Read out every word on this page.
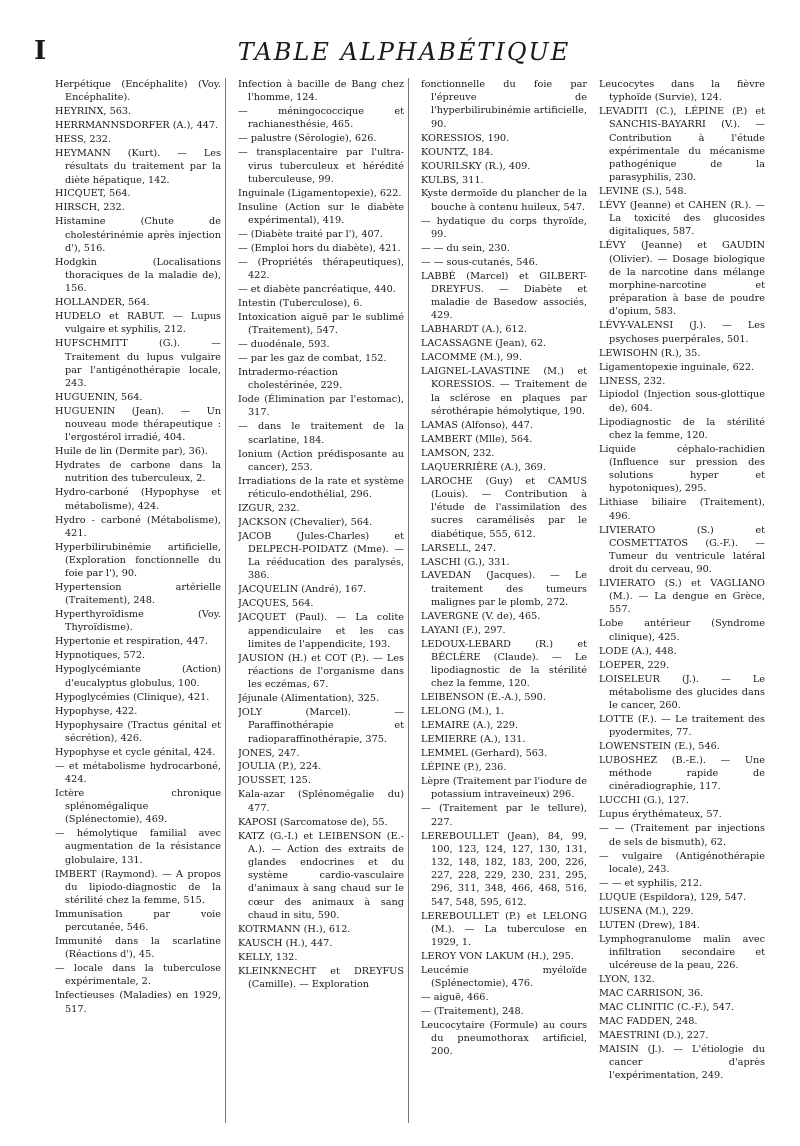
I	TABLE ALPHABÉTIQUE
Herpétique (Encéphalite) (Voy. Encéphalite).
HEYRINX, 563.
HERRMANNSDORFER (A.), 447.
HESS, 232.
HEYMANN (Kurt). — Les résultats du traitement par la diète hépatique, 142.
HICQUET, 564.
HIRSCH, 232.
Histamine (Chute de cholestérinémie après injection d'), 516.
Hodgkin (Localisations thoraciques de la maladie de), 156.
HOLLANDER, 564.
HUDELO et RABUT. — Lupus vulgaire et syphilis, 212.
HUFSCHMITT (G.). — Traitement du lupus vulgaire par l'antigénothérapie locale, 243.
HUGUENIN, 564.
HUGUENIN (Jean). — Un nouveau mode thérapeutique : l'ergostérol irradié, 404.
Huile de lin (Dermite par), 36).
Hydrates de carbone dans la nutrition des tuberculeux, 2.
Hydro-carboné (Hypophyse et métabolisme), 424.
Hydro - carboné (Métabolisme), 421.
Hyperbilirubinémie artificielle, (Exploration fonctionnelle du foie par l'), 90.
Hypertension artérielle (Traitement), 248.
Hyperthyroïdisme (Voy. Thyroïdisme).
Hypertonie et respiration, 447.
Hypnotiques, 572.
Hypoglycémiante (Action) d'eucalyptus globulus, 100.
Hypoglycémies (Clinique), 421.
Hypophyse, 422.
Hypophysaire (Tractus génital et sécrétion), 426.
Hypophyse et cycle génital, 424.
— et métabolisme hydrocarboné, 424.
Ictère chronique splénomégalique (Splénectomie), 469.
— hémolytique familial avec augmentation de la résistance globulaire, 131.
IMBERT (Raymond). — A propos du lipiodo-diagnostic de la stérilité chez la femme, 515.
Immunisation par voie percutanée, 546.
Immunité dans la scarlatine (Réactions d'), 45.
— locale dans la tuberculose expérimentale, 2.
Infectieuses (Maladies) en 1929, 517.
Infection à bacille de Bang chez l'homme, 124.
— méningococcique et rachianesthésie, 465.
— palustre (Sérologie), 626.
— transplacentaire par l'ultra-virus tuberculeux et hérédité tuberculeuse, 99.
Inguinale (Ligamentopexie), 622.
Insuline (Action sur le diabète expérimental), 419.
— (Diabète traité par l'), 407.
— (Emploi hors du diabète), 421.
— (Propriétés thérapeutiques), 422.
— et diabète pancréatique, 440.
Intestin (Tuberculose), 6.
Intoxication aiguë par le sublimé (Traitement), 547.
— duodénale, 593.
— par les gaz de combat, 152.
Intradermo-réaction cholestérinée, 229.
Iode (Élimination par l'estomac), 317.
— dans le traitement de la scarlatine, 184.
Ionium (Action prédisposante au cancer), 253.
Irradiations de la rate et système réticulo-endothélial, 296.
IZGUR, 232.
JACKSON (Chevalier), 564.
JACOB (Jules-Charles) et DELPECH-POIDATZ (Mme). — La rééducation des paralysés, 386.
JACQUELIN (André), 167.
JACQUES, 564.
JACQUET (Paul). — La colite appendiculaire et les cas limites de l'appendicite, 193.
JAUSION (H.) et COT (P.). — Les réactions de l'organisme dans les eczémas, 67.
Jéjunale (Alimentation), 325.
JOLY (Marcel). — Paraffinothérapie et radioparaffinothérapie, 375.
JONES, 247.
JOULIA (P.), 224.
JOUSSET, 125.
Kala-azar (Splénomégalie du) 477.
KAPOSI (Sarcomatose de), 55.
KATZ (G.-I.) et LEIBENSON (E.-A.). — Action des extraits de glandes endocrines et du système cardio-vasculaire d'animaux à sang chaud sur le cœur des animaux à sang chaud in situ, 590.
KOTRMANN (H.), 612.
KAUSCH (H.), 447.
KELLY, 132.
KLEINKNECHT et DREYFUS (Camille). — Exploration
fonctionnelle du foie par l'épreuve de l'hyperbilirubinémie artificielle, 90.
KORESSIOS, 190.
KOUNTZ, 184.
KOURILSKY (R.), 409.
KULBS, 311.
Kyste dermoïde du plancher de la bouche à contenu huileux, 547.
— hydatique du corps thyroïde, 99.
— — du sein, 230.
— — sous-cutanés, 546.
LABBÉ (Marcel) et GILBERT-DREYFUS. — Diabète et maladie de Basedow associés, 429.
LABHARDT (A.), 612.
LACASSAGNE (Jean), 62.
LACOMME (M.), 99.
LAIGNEL-LAVASTINE (M.) et KORESSIOS. — Traitement de la sclérose en plaques par sérothérapie hémolytique, 190.
LAMAS (Alfonso), 447.
LAMBERT (Mlle), 564.
LAMSON, 232.
LAQUERRIÈRE (A.), 369.
LAROCHE (Guy) et CAMUS (Louis). — Contribution à l'étude de l'assimilation des sucres caramélisés par le diabétique, 555, 612.
LARSELL, 247.
LASCHI (G.), 331.
LAVEDAN (Jacques). — Le traitement des tumeurs malignes par le plomb, 272.
LAVERGNE (V. de), 465.
LAYANI (F.), 297.
LEDOUX-LEBARD (R.) et BÉCLÈRE (Claude). — Le lipodiagnostic de la stérilité chez la femme, 120.
LEIBENSON (E.-A.), 590.
LELONG (M.), 1.
LEMAIRE (A.), 229.
LEMIERRE (A.), 131.
LEMMEL (Gerhard), 563.
LÉPINE (P.), 236.
Lèpre (Traitement par l'iodure de potassium intraveineux) 296.
— (Traitement par le tellure), 227.
LEREBOULLET (Jean), 84, 99, 100, 123, 124, 127, 130, 131, 132, 148, 182, 183, 200, 226, 227, 228, 229, 230, 231, 295, 296, 311, 348, 466, 468, 516, 547, 548, 595, 612.
LEREBOULLET (P.) et LELONG (M.). — La tuberculose en 1929, 1.
LEROY VON LAKUM (H.), 295.
Leucémie myéloïde (Splénectomie), 476.
— aiguë, 466.
— (Traitement), 248.
Leucocytaire (Formule) au cours du pneumothorax artificiel, 200.
Leucocytes dans la fièvre typhoïde (Survie), 124.
LEVADITI (C.), LÉPINE (P.) et SANCHIS-BAYARRI (V.). — Contribution à l'étude expérimentale du mécanisme pathogénique de la parasyphilis, 230.
LEVINE (S.), 548.
LÉVY (Jeanne) et CAHEN (R.). — La toxicité des glucosides digitaliques, 587.
LÉVY (Jeanne) et GAUDIN (Olivier). — Dosage biologique de la narcotine dans mélange morphine-narcotine et préparation à base de poudre d'opium, 583.
LÉVY-VALENSI (J.). — Les psychoses puerpérales, 501.
LEWISOHN (R.), 35.
Ligamentopexie inguinale, 622.
LINESS, 232.
Lipiodol (Injection sous-glottique de), 604.
Lipodiagnostic de la stérilité chez la femme, 120.
Liquide céphalo-rachidien (Influence sur pression des solutions hyper et hypotoniques), 295.
Lithiase biliaire (Traitement), 496.
LIVIERATO (S.) et COSMETTATOS (G.-F.). — Tumeur du ventricule latéral droit du cerveau, 90.
LIVIERATO (S.) et VAGLIANO (M.). — La dengue en Grèce, 557.
Lobe antérieur (Syndrome clinique), 425.
LODE (A.), 448.
LOEPER, 229.
LOISELEUR (J.). — Le métabolisme des glucides dans le cancer, 260.
LOTTE (F.). — Le traitement des pyodermites, 77.
LOWENSTEIN (E.), 546.
LUBOSHEZ (B.-E.). — Une méthode rapide de cinéradiographie, 117.
LUCCHI (G.), 127.
Lupus érythémateux, 57.
— — (Traitement par injections de sels de bismuth), 62.
— vulgaire (Antigénothérapie locale), 243.
— — et syphilis, 212.
LUQUE (Espildora), 129, 547.
LUSENA (M.), 229.
LUTEN (Drew), 184.
Lymphogranulome malin avec infiltration secondaire et ulcéreuse de la peau, 226.
LYON, 132.
MAC CARRISON, 36.
MAC CLINITIC (C.-F.), 547.
MAC FADDEN, 248.
MAESTRINI (D.), 227.
MAISIN (J.). — L'étiologie du cancer d'après l'expérimentation, 249.
